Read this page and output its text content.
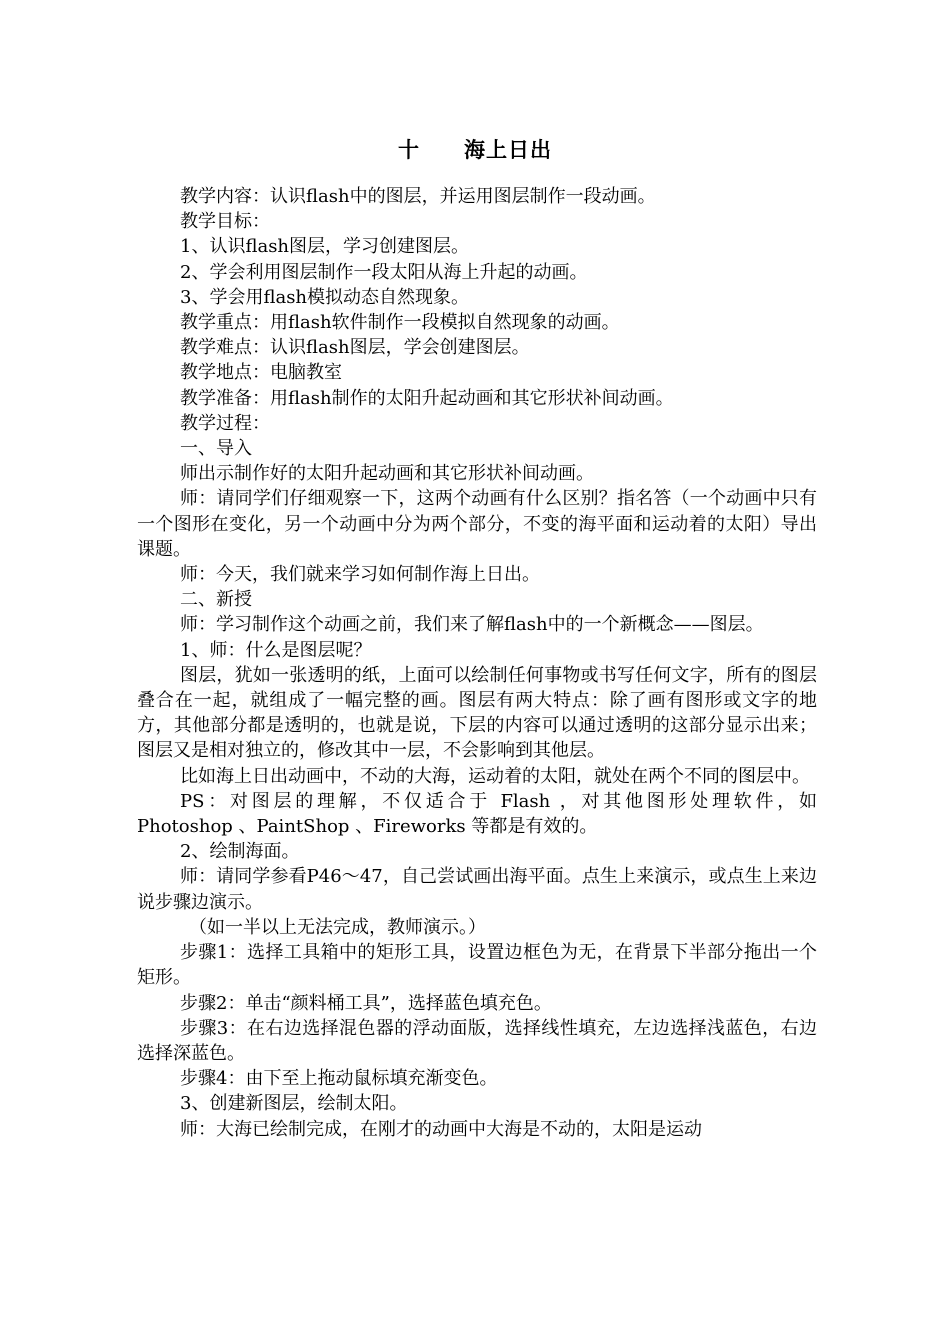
十　　海上日出

教学内容：认识flash中的图层，并运用图层制作一段动画。

教学目标：

1、认识flash图层，学习创建图层。

2、学会利用图层制作一段太阳从海上升起的动画。

3、学会用flash模拟动态自然现象。

教学重点：用flash软件制作一段模拟自然现象的动画。

教学难点：认识flash图层，学会创建图层。

教学地点：电脑教室

教学准备：用flash制作的太阳升起动画和其它形状补间动画。

教学过程：

一、导入

师出示制作好的太阳升起动画和其它形状补间动画。

师：请同学们仔细观察一下，这两个动画有什么区别？指名答（一个动画中只有一个图形在变化，另一个动画中分为两个部分，不变的海平面和运动着的太阳）导出课题。

师：今天，我们就来学习如何制作海上日出。

二、新授

师：学习制作这个动画之前，我们来了解flash中的一个新概念——图层。

1、师：什么是图层呢？

图层，犹如一张透明的纸，上面可以绘制任何事物或书写任何文字，所有的图层叠合在一起，就组成了一幅完整的画。图层有两大特点：除了画有图形或文字的地方，其他部分都是透明的，也就是说，下层的内容可以通过透明的这部分显示出来；图层又是相对独立的，修改其中一层，不会影响到其他层。

比如海上日出动画中，不动的大海，运动着的太阳，就处在两个不同的图层中。

PS：对图层的理解，不仅适合于 Flash ，对其他图形处理软件，如 Photoshop 、PaintShop 、Fireworks 等都是有效的。

2、绘制海面。

师：请同学参看P46～47，自己尝试画出海平面。点生上来演示，或点生上来边说步骤边演示。

（如一半以上无法完成，教师演示。）

步骤1：选择工具箱中的矩形工具，设置边框色为无，在背景下半部分拖出一个矩形。

步骤2：单击“颜料桶工具”，选择蓝色填充色。

步骤3：在右边选择混色器的浮动面版，选择线性填充，左边选择浅蓝色，右边选择深蓝色。

步骤4：由下至上拖动鼠标填充渐变色。

3、创建新图层，绘制太阳。

师：大海已绘制完成，在刚才的动画中大海是不动的，太阳是运动
